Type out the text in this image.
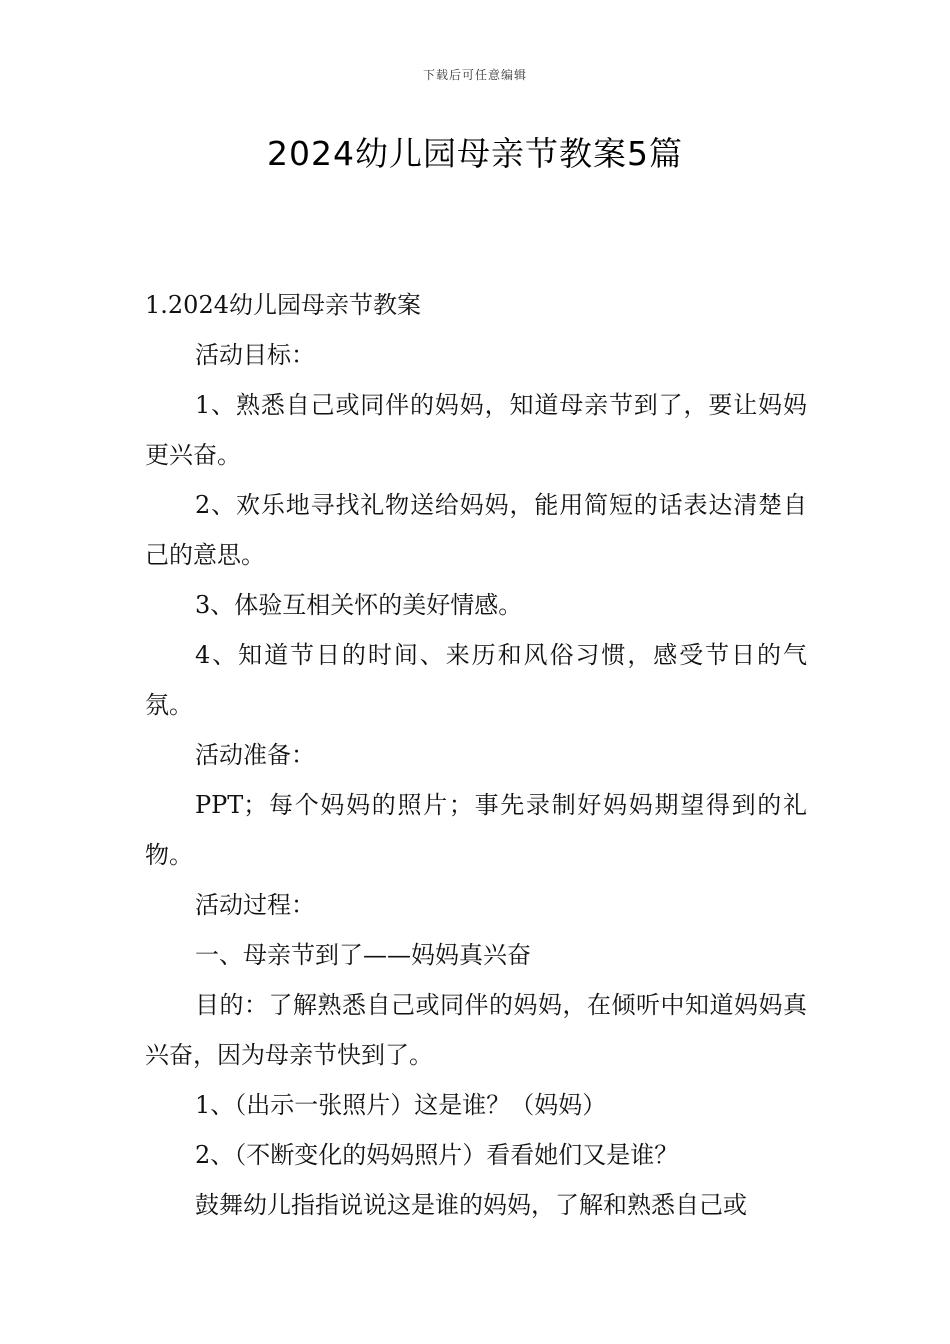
下载后可任意编辑
2024幼儿园母亲节教案5篇

1.2024幼儿园母亲节教案

活动目标：

1、熟悉自己或同伴的妈妈，知道母亲节到了，要让妈妈更兴奋。

2、欢乐地寻找礼物送给妈妈，能用简短的话表达清楚自己的意思。

3、体验互相关怀的美好情感。

4、知道节日的时间、来历和风俗习惯，感受节日的气氛。

活动准备：

PPT；每个妈妈的照片；事先录制好妈妈期望得到的礼物。

活动过程：

一、母亲节到了——妈妈真兴奋

目的：了解熟悉自己或同伴的妈妈，在倾听中知道妈妈真兴奋，因为母亲节快到了。

1、（出示一张照片）这是谁？（妈妈）

2、（不断变化的妈妈照片）看看她们又是谁？

鼓舞幼儿指指说说这是谁的妈妈，了解和熟悉自己或
